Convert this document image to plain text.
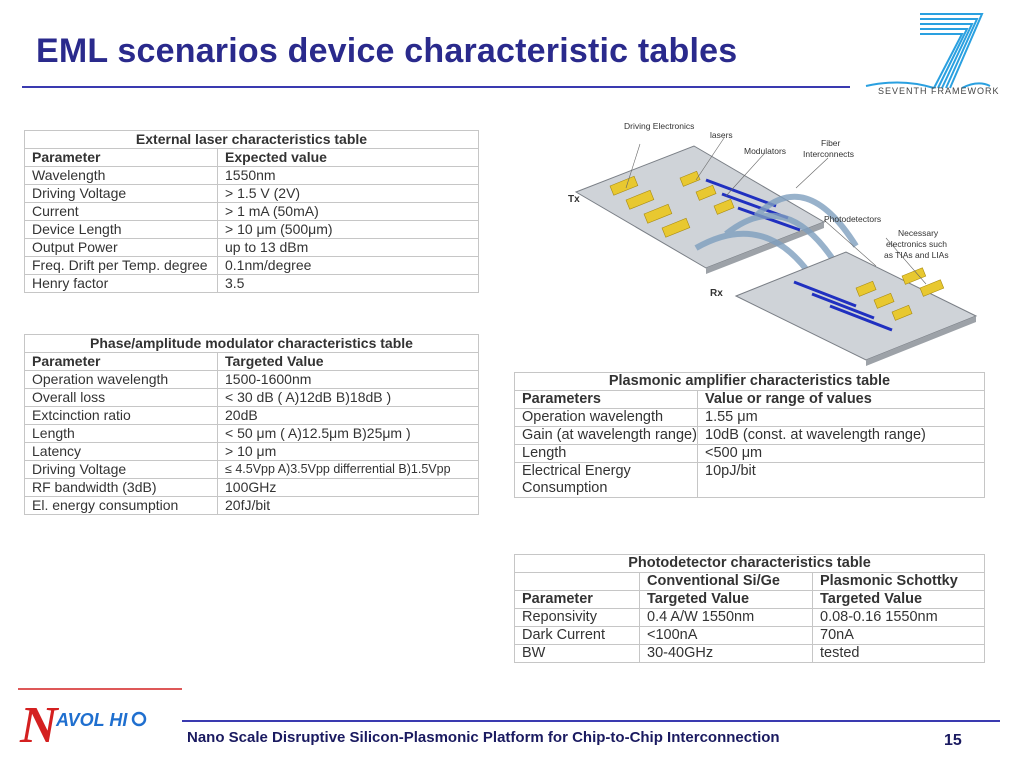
EML scenarios device characteristic tables
SEVENTH FRAMEWORK
External laser characteristics table	
Parameter	Expected value
Wavelength	1550nm
Driving Voltage	> 1.5 V (2V)
Current	> 1 mA (50mA)
Device Length	> 10 μm (500μm)
Output Power	up to 13 dBm
Freq. Drift per Temp. degree	0.1nm/degree
Henry factor	3.5
Phase/amplitude modulator characteristics table	
Parameter	Targeted Value
Operation wavelength	1500-1600nm
Overall loss	< 30 dB ( A)12dB B)18dB )
Extcinction ratio	20dB
Length	< 50 μm ( A)12.5μm B)25μm )
Latency	> 10 μm
Driving Voltage	≤ 4.5Vpp A)3.5Vpp differrential B)1.5Vpp
RF bandwidth (3dB)	100GHz
El. energy consumption	20fJ/bit
Driving Electronics
lasers
Modulators
Fiber
Interconnects
Tx
Photodetectors
Necessary
electronics such
as TIAs and LIAs
Rx
Plasmonic amplifier characteristics table	
Parameters	Value or range of values
Operation wavelength	1.55 μm
Gain (at wavelength range)	10dB (const. at wavelength range)
Length	<500 μm
Electrical Energy Consumption	10pJ/bit
Photodetector characteristics table		
	Conventional Si/Ge	Plasmonic Schottky
Parameter	Targeted Value	Targeted Value
Reponsivity	0.4 A/W 1550nm	0.08-0.16 1550nm
Dark Current	<100nA	70nA
BW	30-40GHz	tested
N
AVOL HI
Nano Scale Disruptive Silicon-Plasmonic Platform for Chip-to-Chip Interconnection	15
